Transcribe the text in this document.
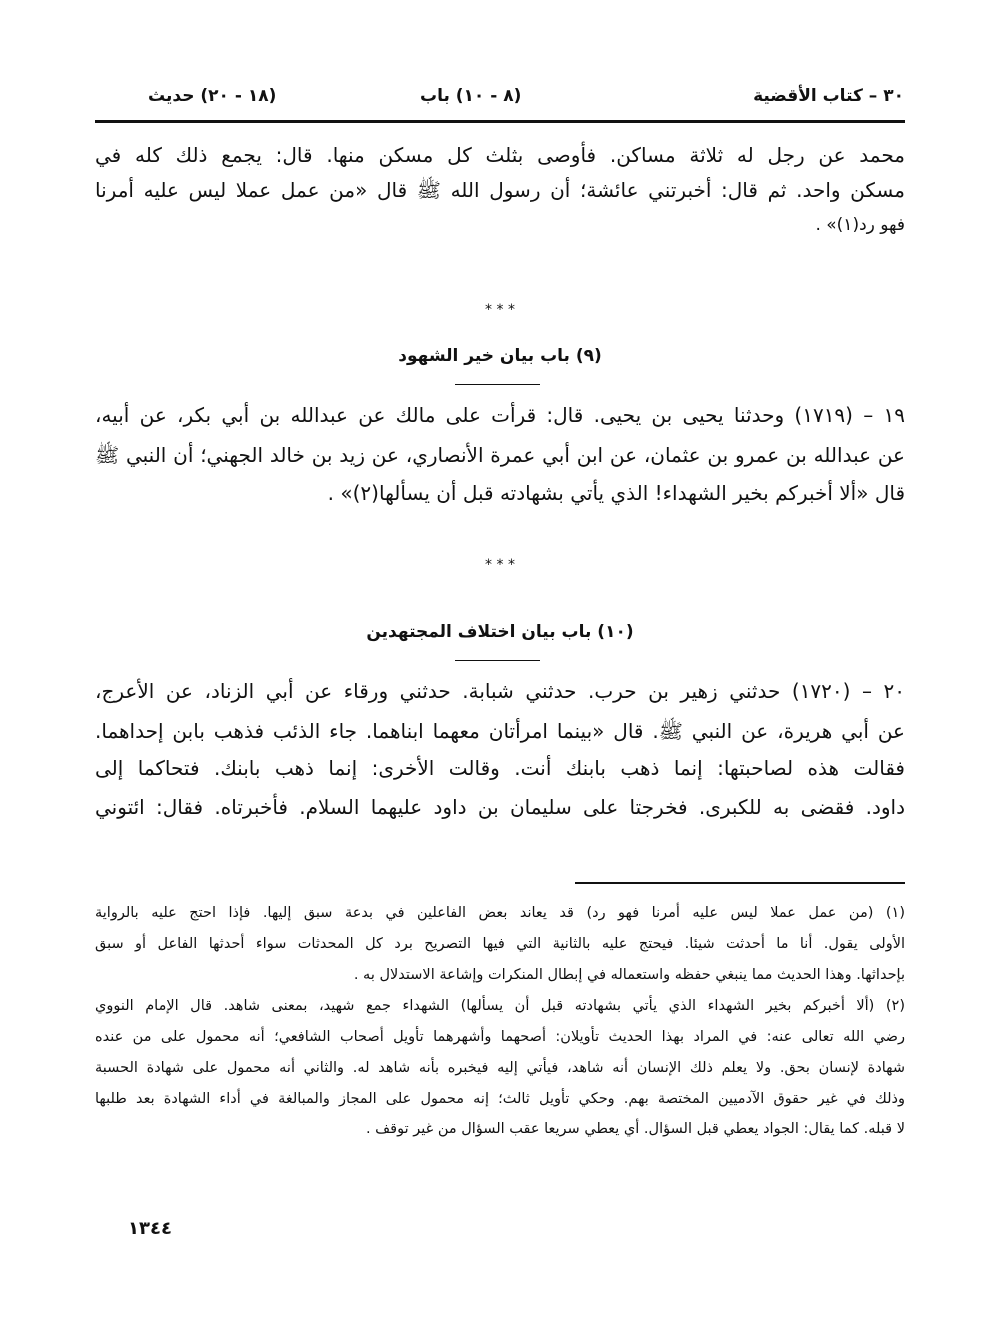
٣٠ – كتاب الأقضية
(٨ - ١٠) باب
(١٨ - ٢٠) حديث
محمد عن رجل له ثلاثة مساكن. فأوصى بثلث كل مسكن منها. قال: يجمع ذلك كله في
مسكن واحد. ثم قال: أخبرتني عائشة؛ أن رسول الله ﷺ قال «من عمل عملا ليس عليه أمرنا
فهو رد(١)» .
* * *
(٩) باب بيان خير الشهود
١٩ – (١٧١٩) وحدثنا يحيى بن يحيى. قال: قرأت على مالك عن عبدالله بن أبي بكر، عن أبيه،
عن عبدالله بن عمرو بن عثمان، عن ابن أبي عمرة الأنصاري، عن زيد بن خالد الجهني؛ أن النبي ﷺ
قال «ألا أخبركم بخير الشهداء! الذي يأتي بشهادته قبل أن يسألها(٢)» .
* * *
(١٠) باب بيان اختلاف المجتهدين
٢٠ – (١٧٢٠) حدثني زهير بن حرب. حدثني شبابة. حدثني ورقاء عن أبي الزناد، عن الأعرج،
عن أبي هريرة، عن النبي ﷺ. قال «بينما امرأتان معهما ابناهما. جاء الذئب فذهب بابن إحداهما.
فقالت هذه لصاحبتها: إنما ذهب بابنك أنت. وقالت الأخرى: إنما ذهب بابنك. فتحاكما إلى
داود. فقضى به للكبرى. فخرجتا على سليمان بن داود عليهما السلام. فأخبرتاه. فقال: ائتوني
(١) (من عمل عملا ليس عليه أمرنا فهو رد) قد يعاند بعض الفاعلين في بدعة سبق إليها. فإذا احتج عليه بالرواية
الأولى يقول. أنا ما أحدثت شيئا. فيحتج عليه بالثانية التي فيها التصريح برد كل المحدثات سواء أحدثها الفاعل أو سبق
بإحداثها. وهذا الحديث مما ينبغي حفظه واستعماله في إبطال المنكرات وإشاعة الاستدلال به .
(٢) (ألا أخبركم بخير الشهداء الذي يأتي بشهادته قبل أن يسألها) الشهداء جمع شهيد، بمعنى شاهد. قال الإمام النووي
رضي الله تعالى عنه: في المراد بهذا الحديث تأويلان: أصحهما وأشهرهما تأويل أصحاب الشافعي؛ أنه محمول على من عنده
شهادة لإنسان بحق. ولا يعلم ذلك الإنسان أنه شاهد، فيأتي إليه فيخبره بأنه شاهد له. والثاني أنه محمول على شهادة الحسبة
وذلك في غير حقوق الآدميين المختصة بهم. وحكي تأويل ثالث؛ إنه محمول على المجاز والمبالغة في أداء الشهادة بعد طلبها
لا قبله. كما يقال: الجواد يعطي قبل السؤال. أي يعطي سريعا عقب السؤال من غير توقف .
١٣٤٤
